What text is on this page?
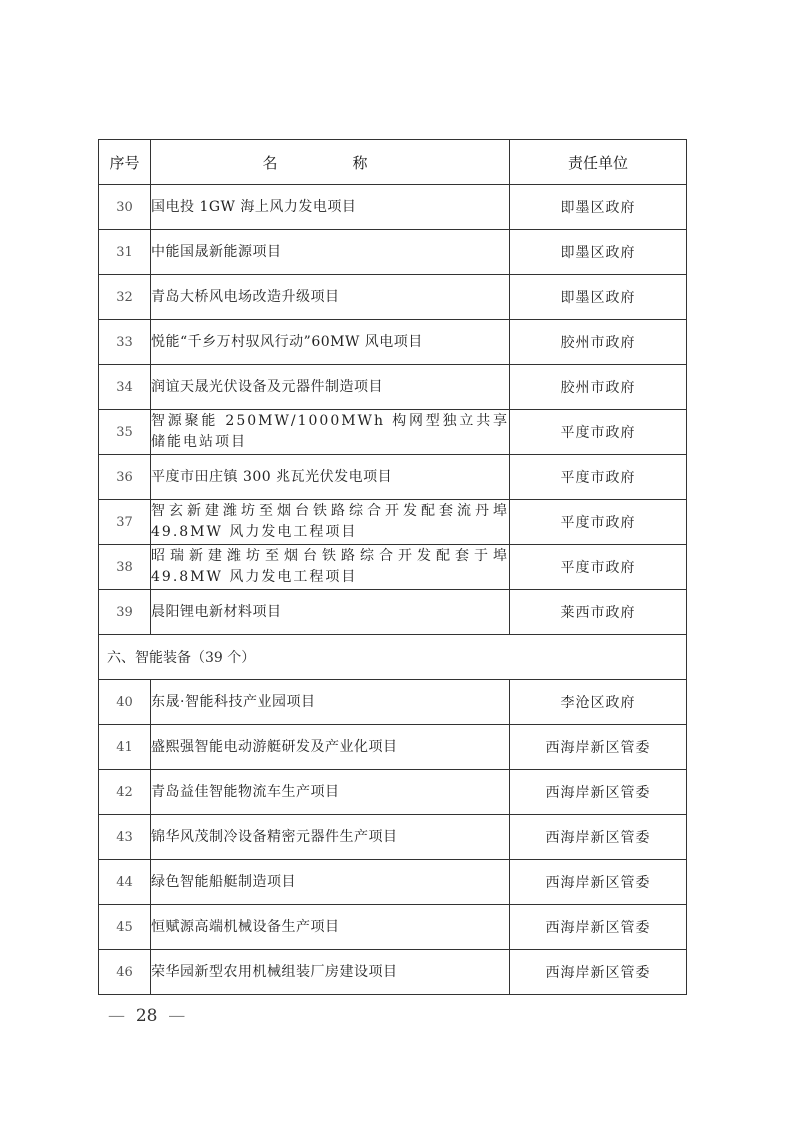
序号	名　称	责任单位
30	国电投 1GW 海上风力发电项目	即墨区政府
31	中能国晟新能源项目	即墨区政府
32	青岛大桥风电场改造升级项目	即墨区政府
33	悦能“千乡万村驭风行动”60MW 风电项目	胶州市政府
34	润谊天晟光伏设备及元器件制造项目	胶州市政府
35	智源聚能 250MW/1000MWh 构网型独立共享储能电站项目	平度市政府
36	平度市田庄镇 300 兆瓦光伏发电项目	平度市政府
37	智玄新建潍坊至烟台铁路综合开发配套流丹埠49.8MW 风力发电工程项目	平度市政府
38	昭瑞新建潍坊至烟台铁路综合开发配套于埠49.8MW 风力发电工程项目	平度市政府
39	晨阳锂电新材料项目	莱西市政府
六、智能装备（39 个）		
40	东晟·智能科技产业园项目	李沧区政府
41	盛熙强智能电动游艇研发及产业化项目	西海岸新区管委
42	青岛益佳智能物流车生产项目	西海岸新区管委
43	锦华风茂制冷设备精密元器件生产项目	西海岸新区管委
44	绿色智能船艇制造项目	西海岸新区管委
45	恒赋源高端机械设备生产项目	西海岸新区管委
46	荣华园新型农用机械组装厂房建设项目	西海岸新区管委
— 28 —
